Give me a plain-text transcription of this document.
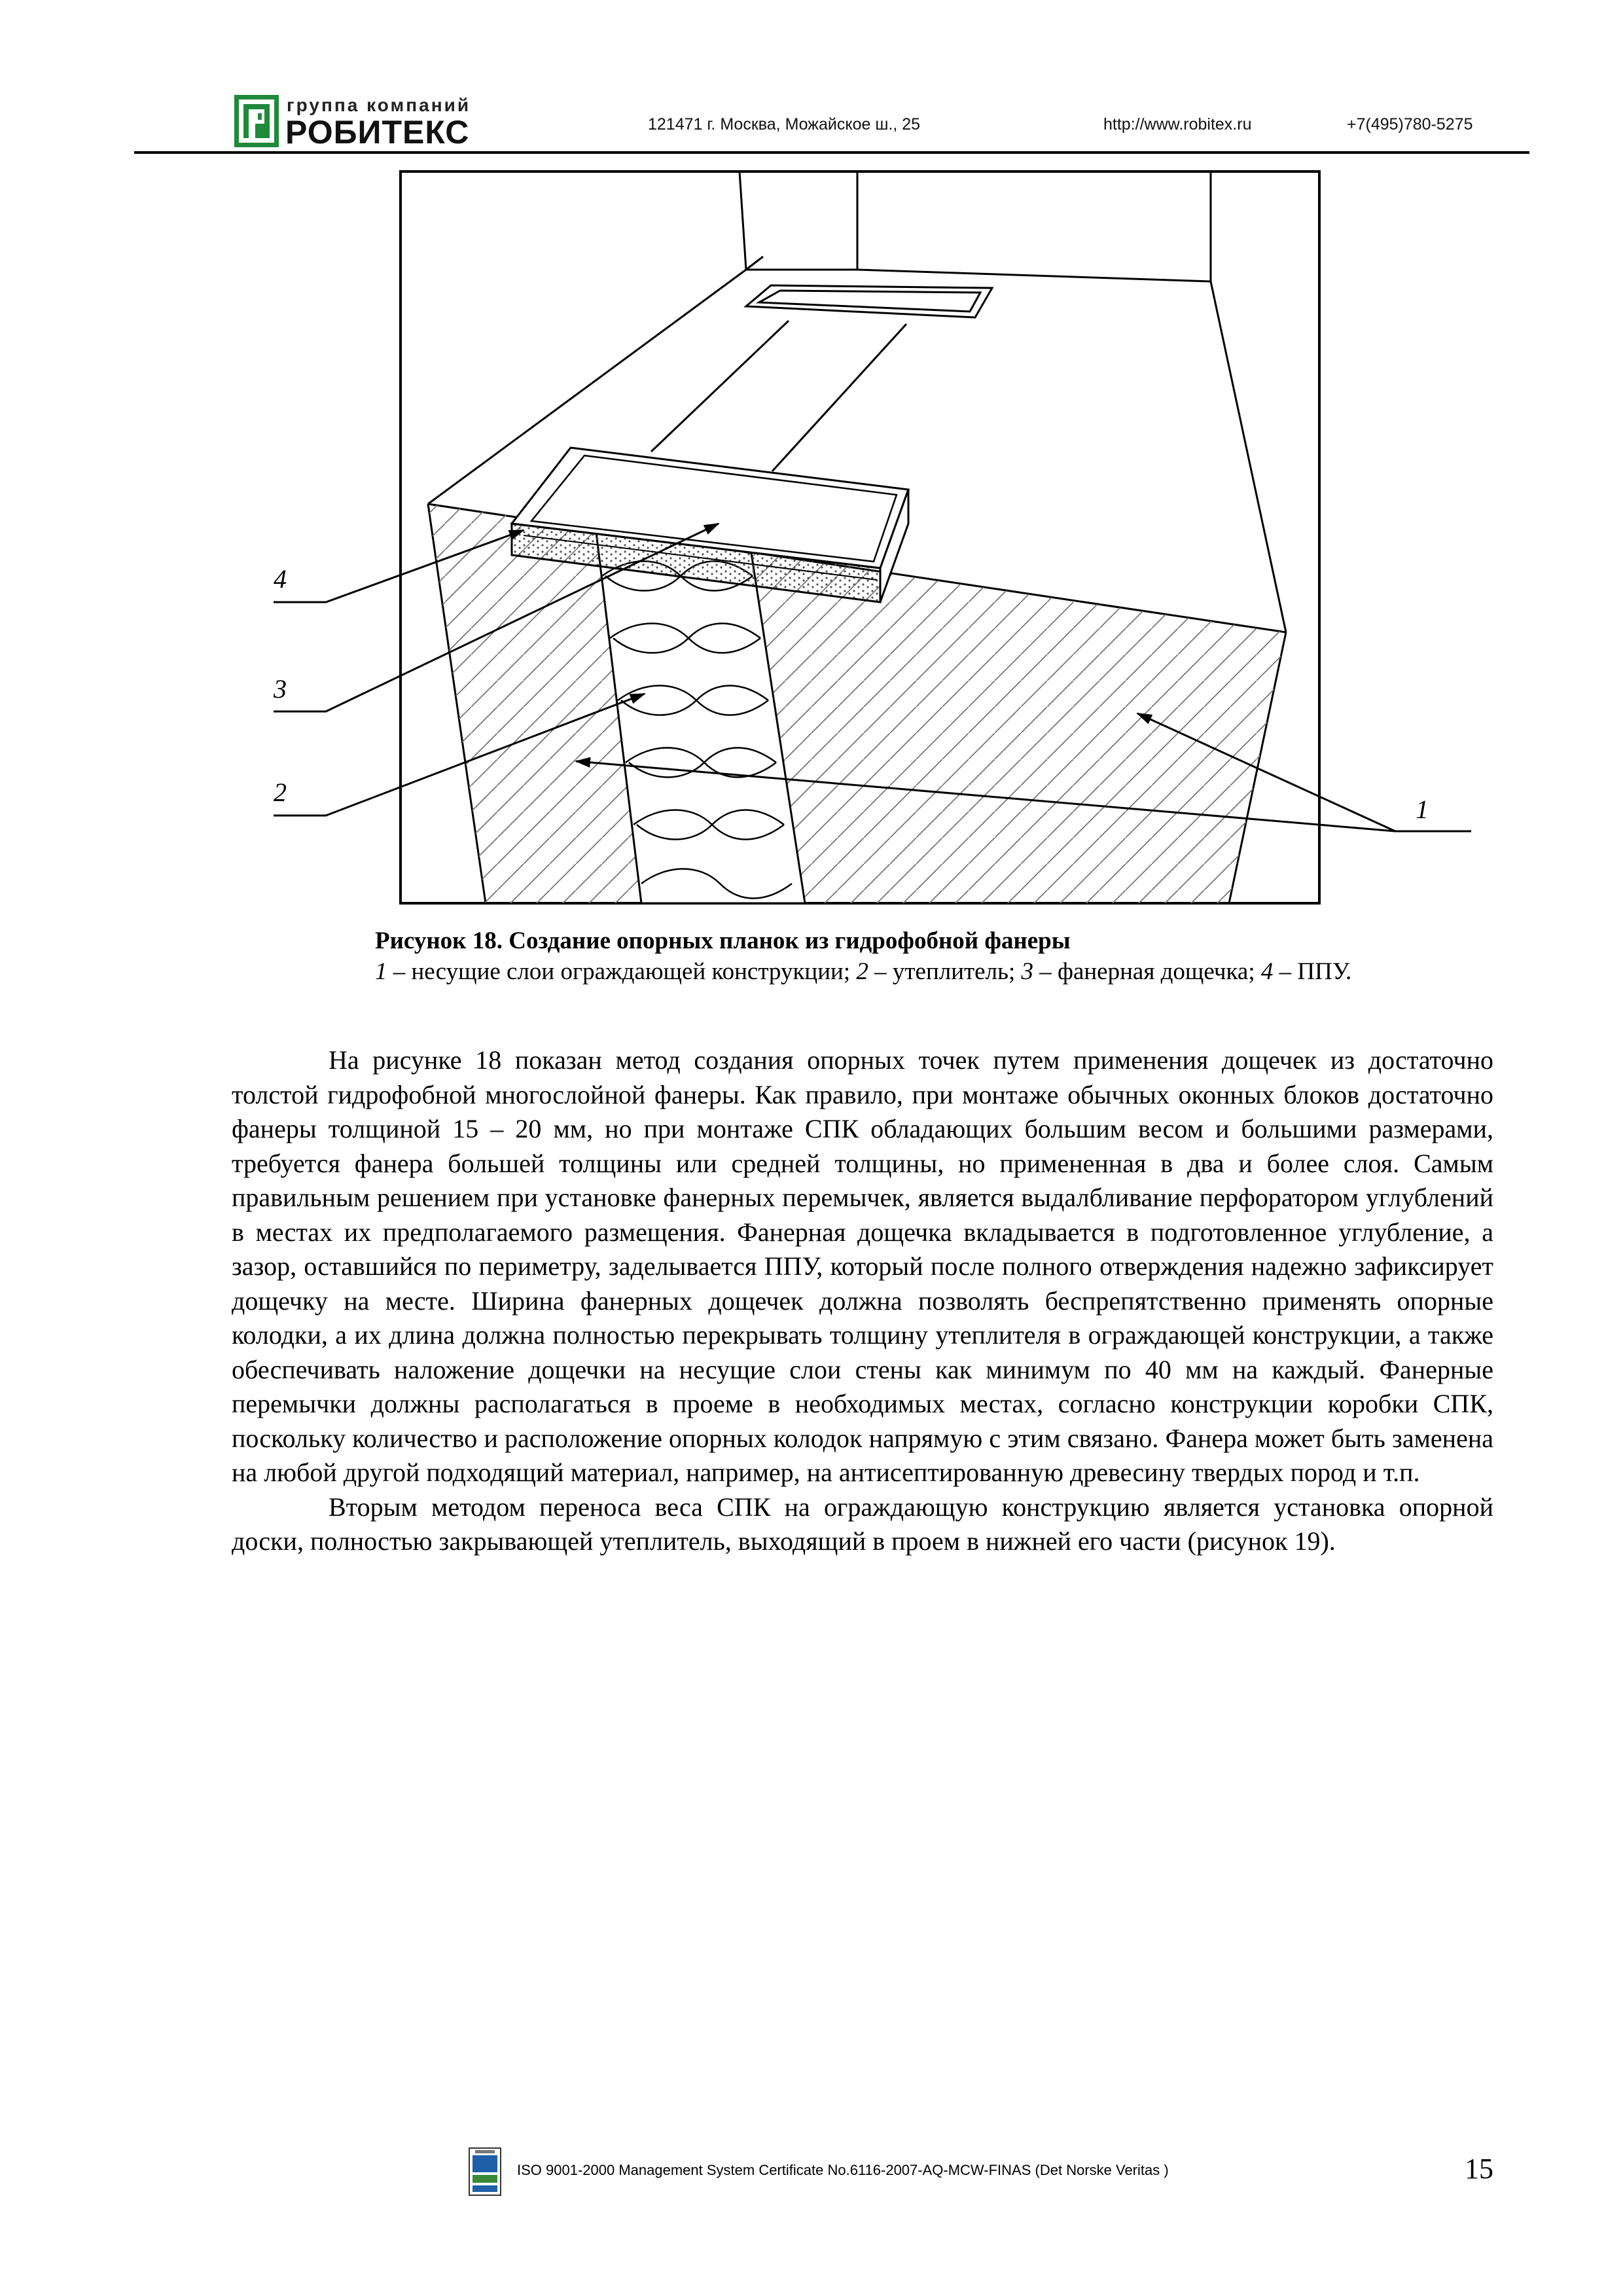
группа компаний
РОБИТЕКС	121471 г. Москва, Можайское ш., 25	http://www.robitex.ru	+7(495)780-5275
4
3
2
1
Рисунок 18. Создание опорных планок из гидрофобной фанеры
1 – несущие слои ограждающей конструкции; 2 – утеплитель; 3 – фанерная дощечка; 4 – ППУ.

На рисунке 18 показан метод создания опорных точек путем применения дощечек из достаточно толстой гидрофобной многослойной фанеры. Как правило, при монтаже обычных оконных блоков достаточно фанеры толщиной 15 – 20 мм, но при монтаже СПК обладающих большим весом и большими размерами, требуется фанера большей толщины или средней толщины, но примененная в два и более слоя. Самым правильным решением при установке фанерных перемычек, является выдалбливание перфоратором углублений в местах их предполагаемого размещения. Фанерная дощечка вкладывается в подготовленное углубление, а зазор, оставшийся по периметру, заделывается ППУ, который после полного отверждения надежно зафиксирует дощечку на месте. Ширина фанерных дощечек должна позволять беспрепятственно применять опорные колодки, а их длина должна полностью перекрывать толщину утеплителя в ограждающей конструкции, а также обеспечивать наложение дощечки на несущие слои стены как минимум по 40 мм на каждый. Фанерные перемычки должны располагаться в проеме в необходимых местах, согласно конструкции коробки СПК, поскольку количество и расположение опорных колодок напрямую с этим связано. Фанера может быть заменена на любой другой подходящий материал, например, на антисептированную древесину твердых пород и т.п.

Вторым методом переноса веса СПК на ограждающую конструкцию является установка опорной доски, полностью закрывающей утеплитель, выходящий в проем в нижней его части (рисунок 19).

ISO 9001-2000 Management System Certificate No.6116-2007-AQ-MCW-FINAS (Det Norske Veritas )	15
